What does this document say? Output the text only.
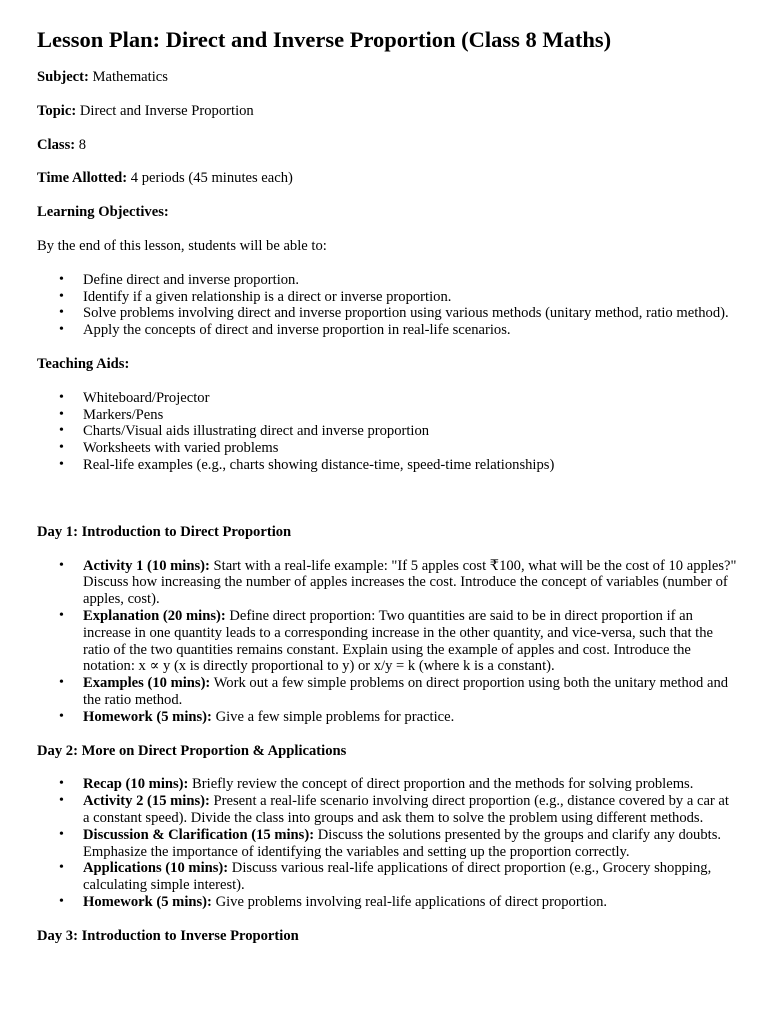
Lesson Plan: Direct and Inverse Proportion (Class 8 Maths)

Subject: Mathematics

Topic: Direct and Inverse Proportion

Class: 8

Time Allotted: 4 periods (45 minutes each)

Learning Objectives:

By the end of this lesson, students will be able to:

• Define direct and inverse proportion.
• Identify if a given relationship is a direct or inverse proportion.
• Solve problems involving direct and inverse proportion using various methods (unitary method, ratio method).
• Apply the concepts of direct and inverse proportion in real-life scenarios.

Teaching Aids:

• Whiteboard/Projector
• Markers/Pens
• Charts/Visual aids illustrating direct and inverse proportion
• Worksheets with varied problems
• Real-life examples (e.g., charts showing distance-time, speed-time relationships)

Day 1: Introduction to Direct Proportion

• Activity 1 (10 mins): Start with a real-life example: "If 5 apples cost ₹100, what will be the cost of 10 apples?" Discuss how increasing the number of apples increases the cost. Introduce the concept of variables (number of apples, cost).
• Explanation (20 mins): Define direct proportion: Two quantities are said to be in direct proportion if an increase in one quantity leads to a corresponding increase in the other quantity, and vice-versa, such that the ratio of the two quantities remains constant. Explain using the example of apples and cost. Introduce the notation: x ∝ y (x is directly proportional to y) or x/y = k (where k is a constant).
• Examples (10 mins): Work out a few simple problems on direct proportion using both the unitary method and the ratio method.
• Homework (5 mins): Give a few simple problems for practice.

Day 2: More on Direct Proportion & Applications

• Recap (10 mins): Briefly review the concept of direct proportion and the methods for solving problems.
• Activity 2 (15 mins): Present a real-life scenario involving direct proportion (e.g., distance covered by a car at a constant speed). Divide the class into groups and ask them to solve the problem using different methods.
• Discussion & Clarification (15 mins): Discuss the solutions presented by the groups and clarify any doubts. Emphasize the importance of identifying the variables and setting up the proportion correctly.
• Applications (10 mins): Discuss various real-life applications of direct proportion (e.g., Grocery shopping, calculating simple interest).
• Homework (5 mins): Give problems involving real-life applications of direct proportion.

Day 3: Introduction to Inverse Proportion
